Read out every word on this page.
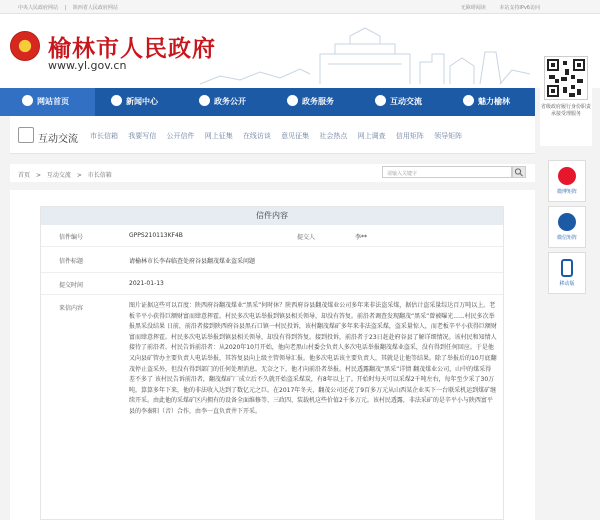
中央人民政府网站 | 陕西省人民政府网站	无障碍阅读	本站支持IPv6访问
榆林市人民政府
www.yl.gov.cn
省级政府履行身份职责承接受理服务
网站首页	新闻中心	政务公开	政务服务	互动交流	魅力榆林
互动交流 市长信箱 我要写信 公开信件 网上征集 在线访谈 意见征集 社会热点 网上调查 信用矩阵 领导矩阵
首页 > 互动交流 > 市长信箱	请输入关键字
信件内容
信件编号	GPPS210113KF4B	提交人	李**
信件标题	请榆林市长李春临查处府谷县翻茂煤业盗采问题
提交时间	2021-01-13
来信内容	图片证据这些可以百度：陕西府谷翻茂煤业“黑采”何时休？陕西府谷县翻茂煤业公司多年来非法盗采煤，据估计盗采量综达百万吨以上。老板辛平小获得巨额财富而肆意挥霍。村民多次电话举报到镇县相关领导，却没有答复。前沿者调查发现翻茂“黑采”曾被曝光......村民多次举报黑采没结果 日前，前沿者接到陕西府谷县黑石口镇一村民投诉，该村翻茂煤矿多年来非法盗采煤，盗采量惊人，而老板辛平小获得巨额财富而肆意挥霍。村民多次电话举报到镇县相关领导，却没有得到答复。接到投诉，前沿者于23日赶赴府谷县了解详细情况。该村民和知情人接待了前沿者。村民告诉前沿者：从2020年10月开始，他向老黑山村委会负责人多次电话举报翻茂煤业盗采，没有得到任何回应。于是他又向县矿管办主要负责人电话举报，其答复县向上级主管领导汇报。他多次电话该主要负责人，其就是让他等结果。除了举报后的10月底翻茂停止盗采外，但没有得到部门的任何处理消息。无奈之下，他才向前沿者举报。村民透露翻茂“黑采”详情 翻茂煤业公司，山中的煤采得差不多了 该村民告诉前沿者，翻茂煤矿厂成立后不久就开始盗采煤炭，有8年以上了。开始时每天可以采煤2千吨左右，每年至少采了30万吨。算算多年下来，他的非法收入达到了数亿元之巨。在2017年冬天，翻茂公司还花了9百多万元从山西某企业买下一台联采机运到煤矿继续开采。由此他的采煤矿区内拥有的设备全面维修等、三政四、装载机这些价值2千多万元。该村民透露，非法采矿的是辛平小与陕西富平县的李秦阳（音）合作，由李一直负责井下开采。
微博矩阵
微信矩阵
移动版
